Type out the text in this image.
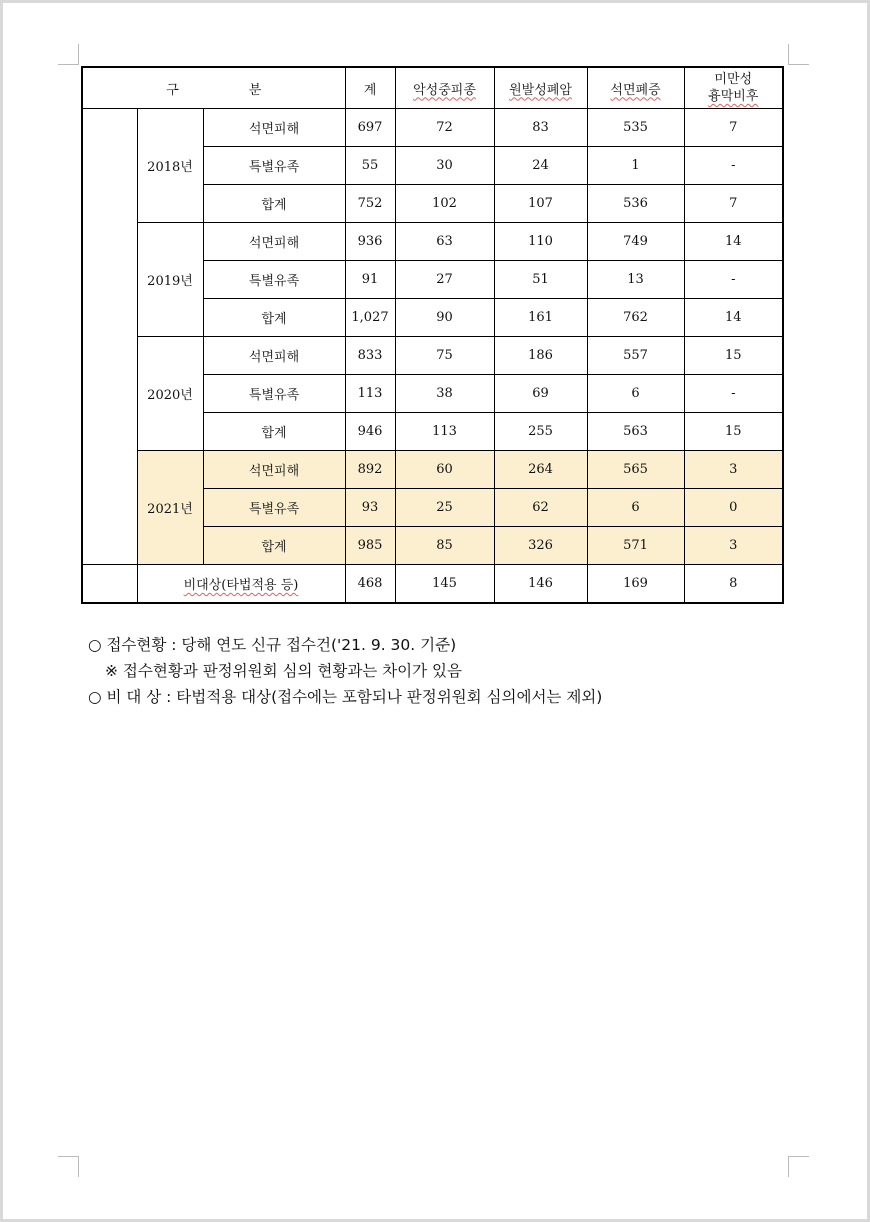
구 분			계	악성중피종	원발성폐암	석면폐증	미만성
흉막비후
	2018년	석면피해	697	72	83	535	7
		특별유족	55	30	24	1	-
		합계	752	102	107	536	7
	2019년	석면피해	936	63	110	749	14
		특별유족	91	27	51	13	-
		합계	1,027	90	161	762	14
	2020년	석면피해	833	75	186	557	15
		특별유족	113	38	69	6	-
		합계	946	113	255	563	15
	2021년	석면피해	892	60	264	565	3
		특별유족	93	25	62	6	0
		합계	985	85	326	571	3
	비대상(타법적용 등)		468	145	146	169	8
○ 접수현황 : 당해 연도 신규 접수건('21. 9. 30. 기준)
※ 접수현황과 판정위원회 심의 현황과는 차이가 있음
○ 비 대 상 : 타법적용 대상(접수에는 포함되나 판정위원회 심의에서는 제외)
